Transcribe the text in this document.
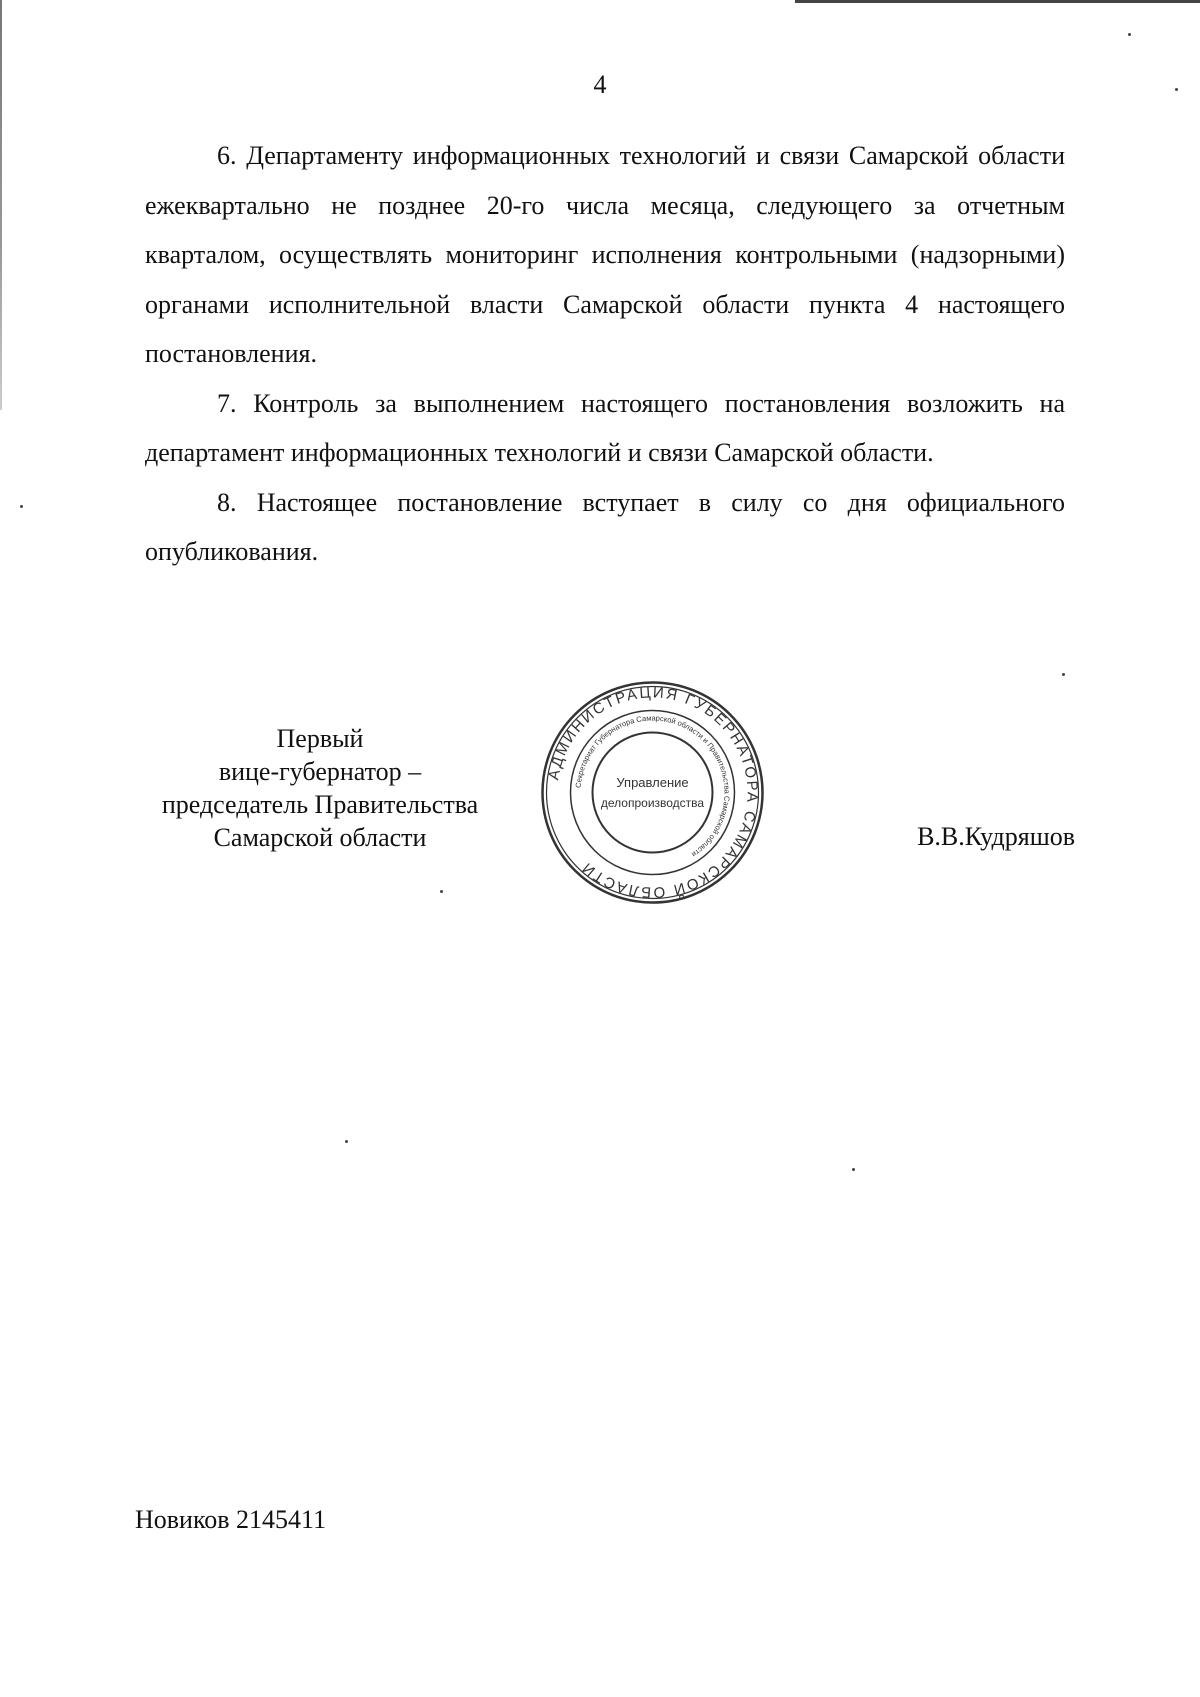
4

6. Департаменту информационных технологий и связи Самарской области ежеквартально не позднее 20-го числа месяца, следующего за отчетным кварталом, осуществлять мониторинг исполнения контрольными (надзорными) органами исполнительной власти Самарской области пункта 4 настоящего постановления.

7. Контроль за выполнением настоящего постановления возложить на департамент информационных технологий и связи Самарской области.

8. Настоящее постановление вступает в силу со дня официального опубликования.

Первый
вице-губернатор –
председатель Правительства
Самарской области
АДМИНИСТРАЦИЯ ГУБЕРНАТОРА САМАРСКОЙ ОБЛАСТИ
Секретариат Губернатора Самарской области и Правительства Самарской области
Управление
делопроизводства
В.В.Кудряшов
Новиков 2145411
